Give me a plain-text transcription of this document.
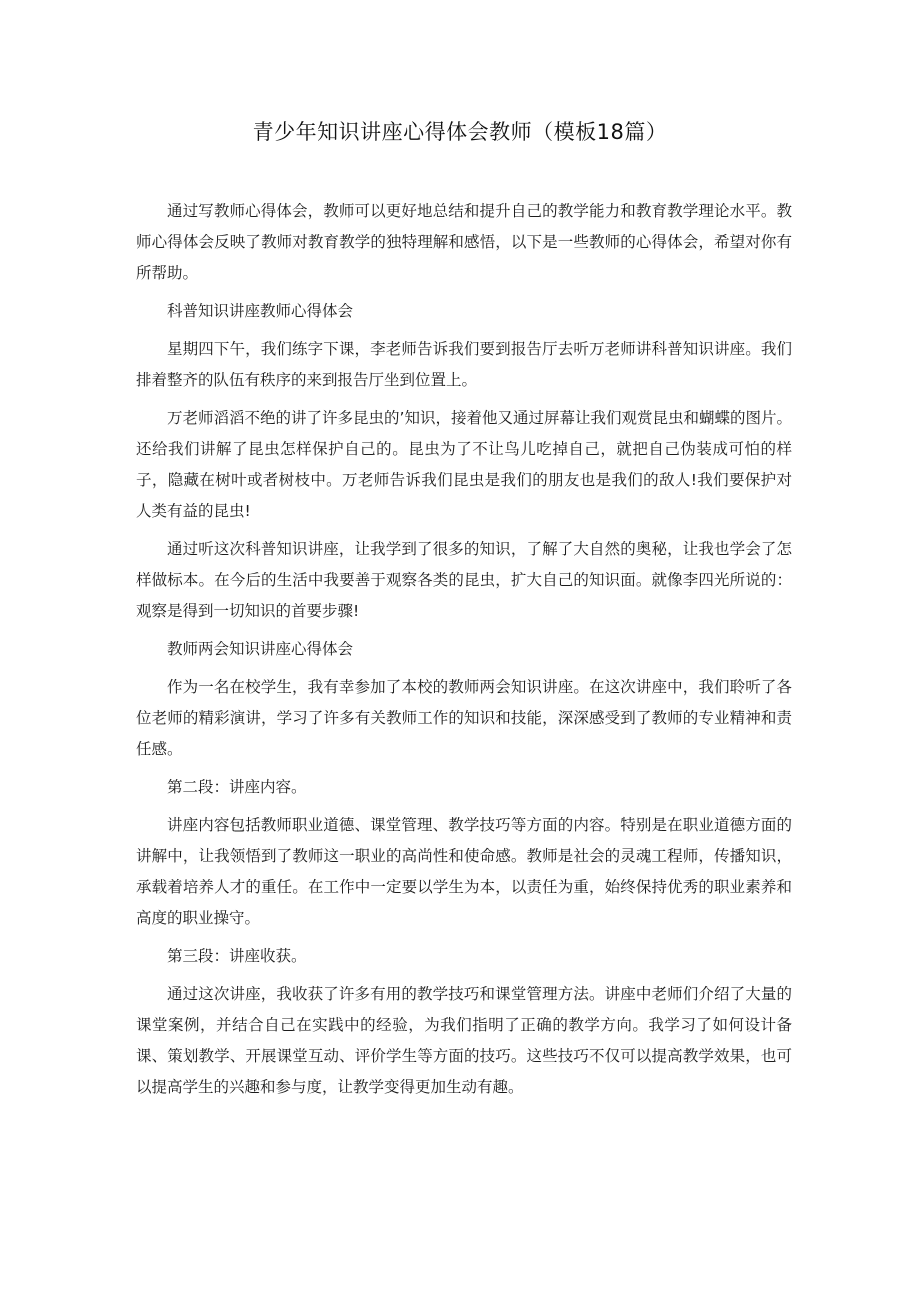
青少年知识讲座心得体会教师（模板18篇）

通过写教师心得体会，教师可以更好地总结和提升自己的教学能力和教育教学理论水平。教师心得体会反映了教师对教育教学的独特理解和感悟，以下是一些教师的心得体会，希望对你有所帮助。

科普知识讲座教师心得体会

星期四下午，我们练字下课，李老师告诉我们要到报告厅去听万老师讲科普知识讲座。我们排着整齐的队伍有秩序的来到报告厅坐到位置上。

万老师滔滔不绝的讲了许多昆虫的’知识，接着他又通过屏幕让我们观赏昆虫和蝴蝶的图片。还给我们讲解了昆虫怎样保护自己的。昆虫为了不让鸟儿吃掉自己，就把自己伪装成可怕的样子，隐藏在树叶或者树枝中。万老师告诉我们昆虫是我们的朋友也是我们的敌人!我们要保护对人类有益的昆虫!

通过听这次科普知识讲座，让我学到了很多的知识，了解了大自然的奥秘，让我也学会了怎样做标本。在今后的生活中我要善于观察各类的昆虫，扩大自己的知识面。就像李四光所说的：观察是得到一切知识的首要步骤!

教师两会知识讲座心得体会

作为一名在校学生，我有幸参加了本校的教师两会知识讲座。在这次讲座中，我们聆听了各位老师的精彩演讲，学习了许多有关教师工作的知识和技能，深深感受到了教师的专业精神和责任感。

第二段：讲座内容。

讲座内容包括教师职业道德、课堂管理、教学技巧等方面的内容。特别是在职业道德方面的讲解中，让我领悟到了教师这一职业的高尚性和使命感。教师是社会的灵魂工程师，传播知识，承载着培养人才的重任。在工作中一定要以学生为本，以责任为重，始终保持优秀的职业素养和高度的职业操守。

第三段：讲座收获。

通过这次讲座，我收获了许多有用的教学技巧和课堂管理方法。讲座中老师们介绍了大量的课堂案例，并结合自己在实践中的经验，为我们指明了正确的教学方向。我学习了如何设计备课、策划教学、开展课堂互动、评价学生等方面的技巧。这些技巧不仅可以提高教学效果，也可以提高学生的兴趣和参与度，让教学变得更加生动有趣。
